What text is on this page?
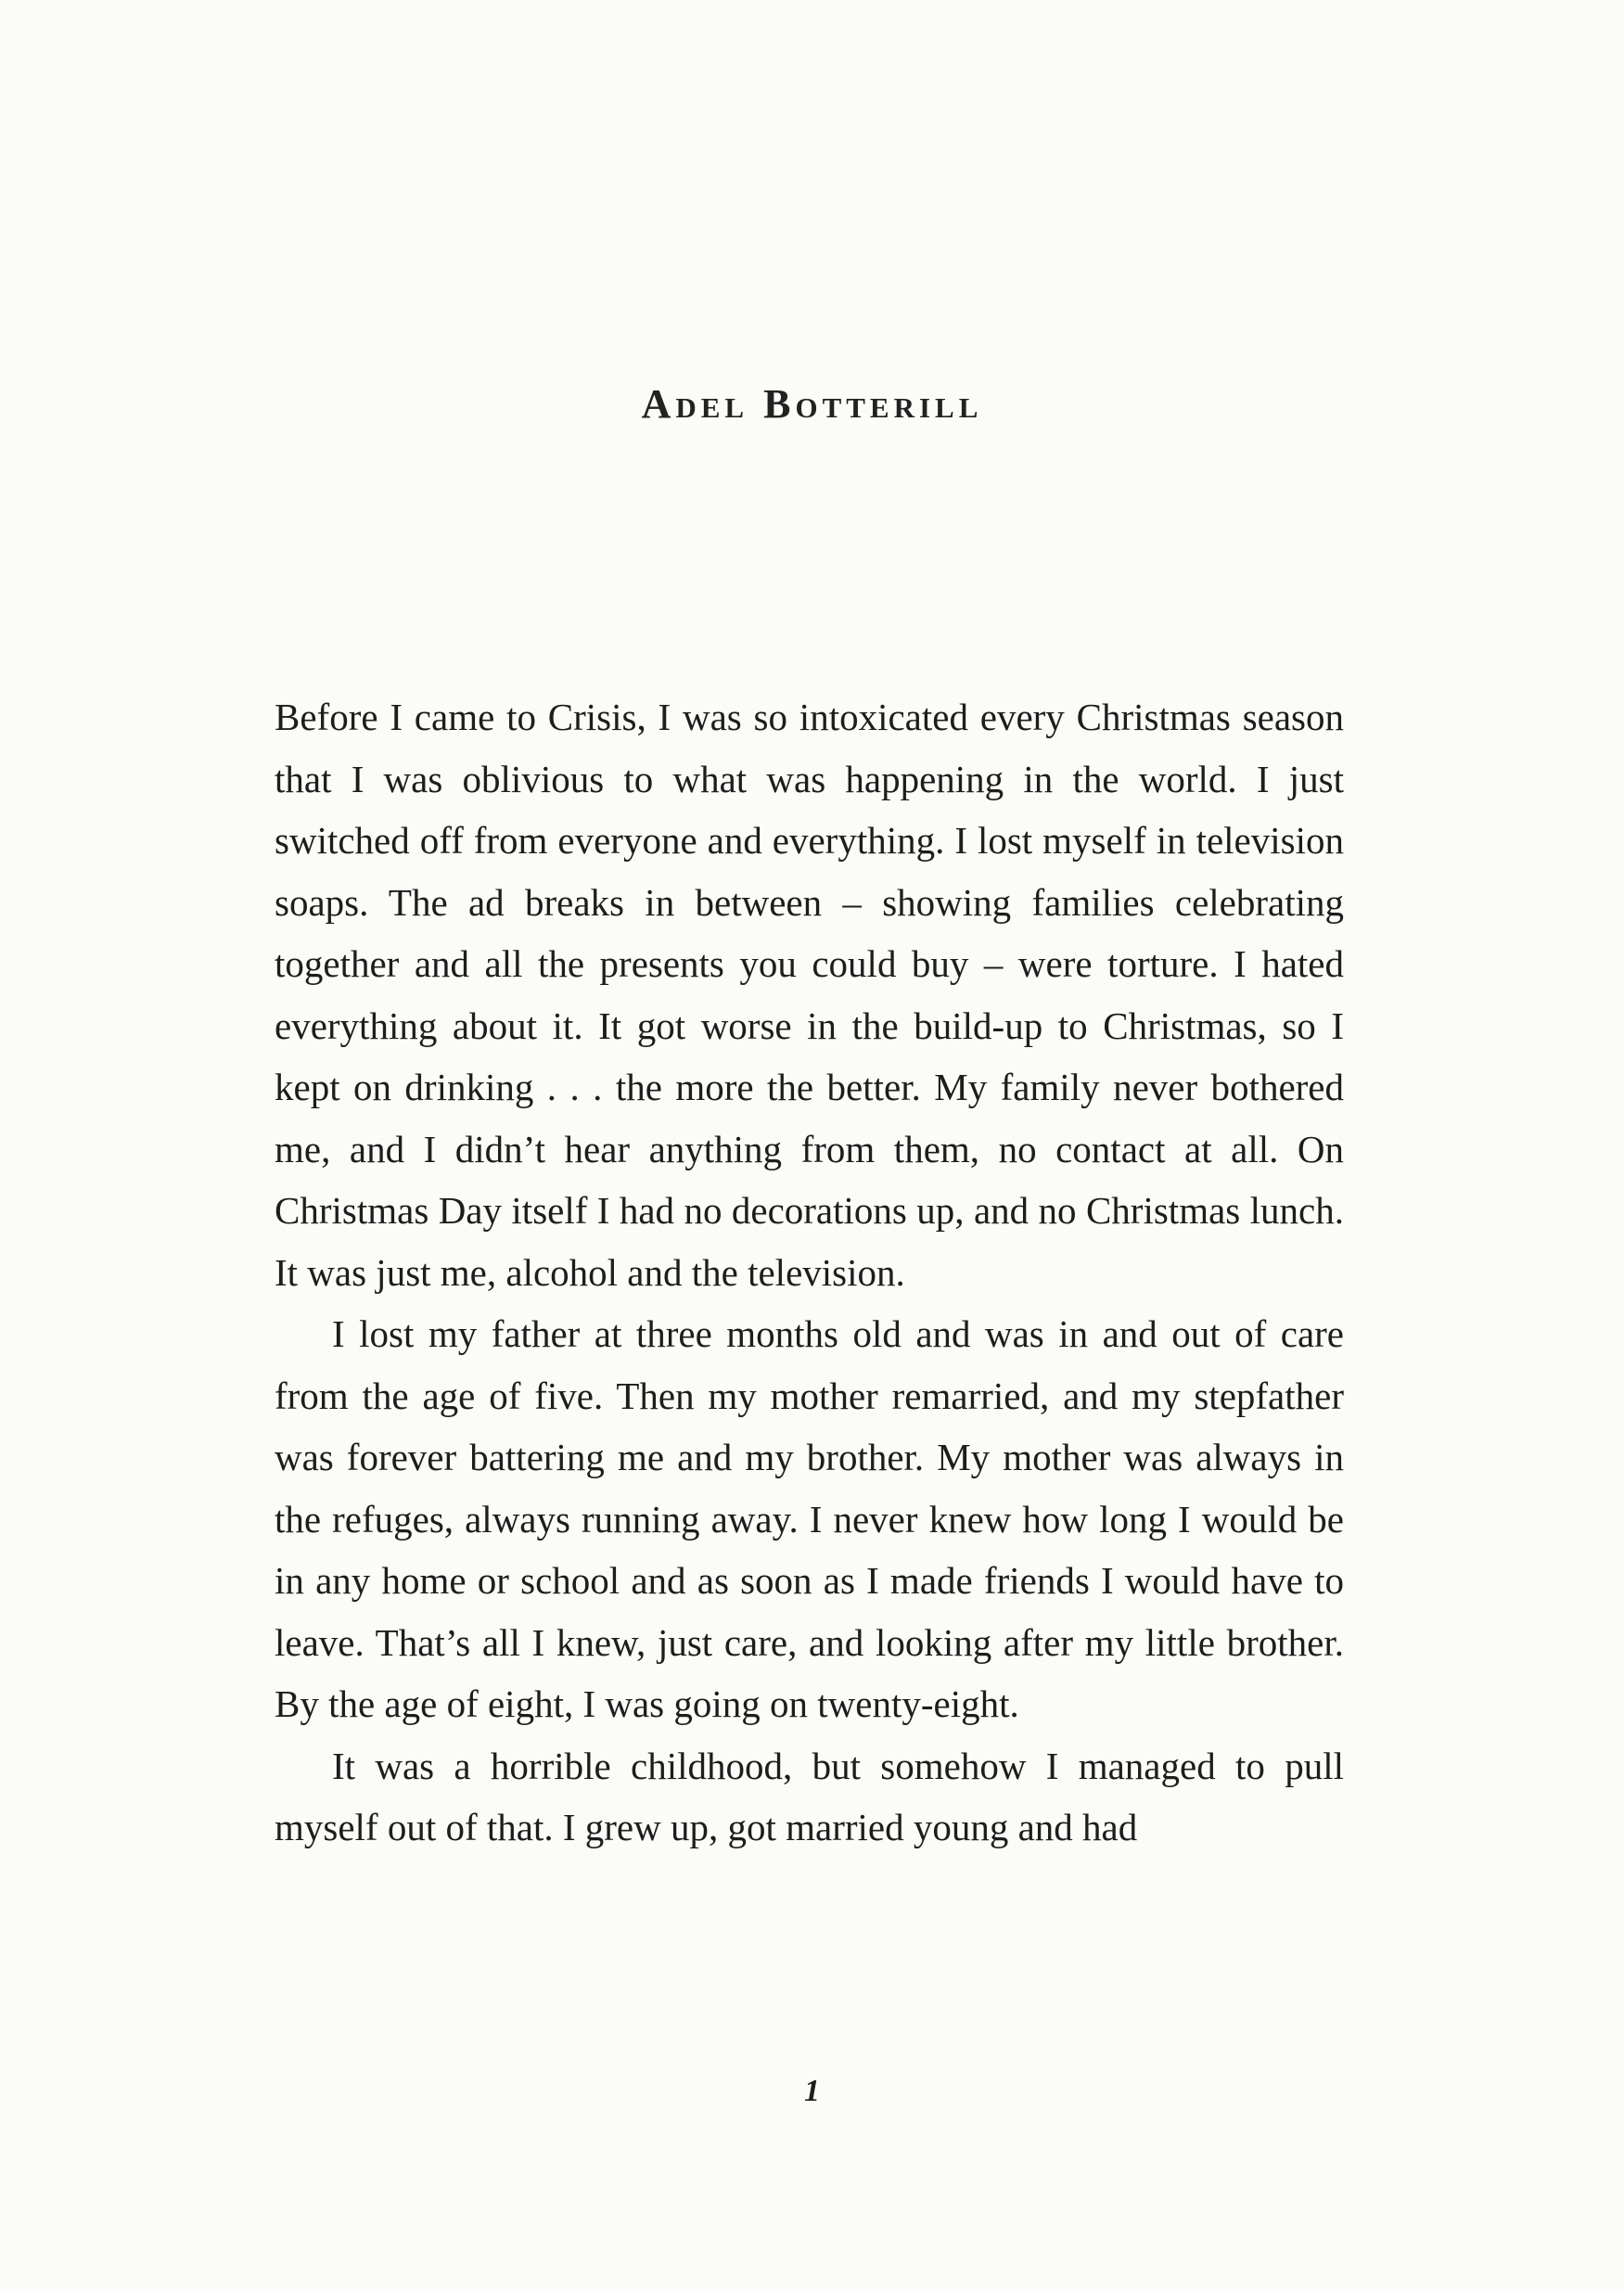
Adel Botterill

Before I came to Crisis, I was so intoxicated every Christmas season that I was oblivious to what was happening in the world. I just switched off from everyone and everything. I lost myself in television soaps. The ad breaks in between – showing families celebrating together and all the presents you could buy – were torture. I hated everything about it. It got worse in the build-up to Christmas, so I kept on drinking . . . the more the better. My family never bothered me, and I didn’t hear anything from them, no contact at all. On Christmas Day itself I had no decorations up, and no Christmas lunch. It was just me, alcohol and the television.

I lost my father at three months old and was in and out of care from the age of five. Then my mother remarried, and my stepfather was forever battering me and my brother. My mother was always in the refuges, always running away. I never knew how long I would be in any home or school and as soon as I made friends I would have to leave. That’s all I knew, just care, and looking after my little brother. By the age of eight, I was going on twenty-eight.

It was a horrible childhood, but somehow I managed to pull myself out of that. I grew up, got married young and had

1
